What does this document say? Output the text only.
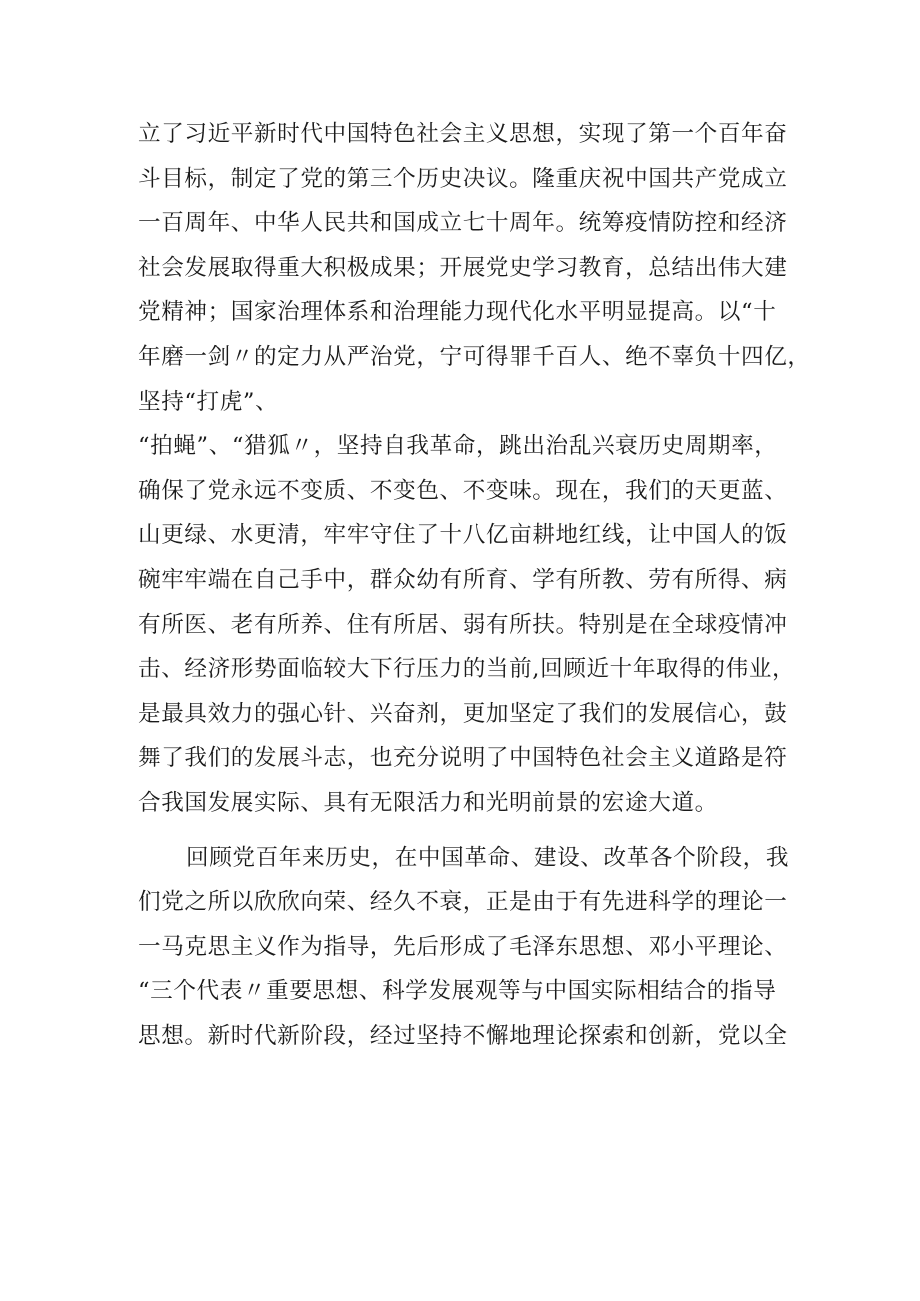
立了习近平新时代中国特色社会主义思想，实现了第一个百年奋
斗目标，制定了党的第三个历史决议。隆重庆祝中国共产党成立
一百周年、中华人民共和国成立七十周年。统筹疫情防控和经济
社会发展取得重大积极成果；开展党史学习教育，总结出伟大建
党精神；国家治理体系和治理能力现代化水平明显提高。以“十
年磨一剑〃的定力从严治党，宁可得罪千百人、绝不辜负十四亿，
坚持“打虎”、
“拍蝇”、“猎狐〃，坚持自我革命，跳出治乱兴衰历史周期率，
确保了党永远不变质、不变色、不变味。现在，我们的天更蓝、
山更绿、水更清，牢牢守住了十八亿亩耕地红线，让中国人的饭
碗牢牢端在自己手中，群众幼有所育、学有所教、劳有所得、病
有所医、老有所养、住有所居、弱有所扶。特别是在全球疫情冲
击、经济形势面临较大下行压力的当前,回顾近十年取得的伟业，
是最具效力的强心针、兴奋剂，更加坚定了我们的发展信心，鼓
舞了我们的发展斗志，也充分说明了中国特色社会主义道路是符
合我国发展实际、具有无限活力和光明前景的宏途大道。
回顾党百年来历史，在中国革命、建设、改革各个阶段，我
们党之所以欣欣向荣、经久不衰，正是由于有先进科学的理论一
一马克思主义作为指导，先后形成了毛泽东思想、邓小平理论、
“三个代表〃重要思想、科学发展观等与中国实际相结合的指导
思想。新时代新阶段，经过坚持不懈地理论探索和创新，党以全
